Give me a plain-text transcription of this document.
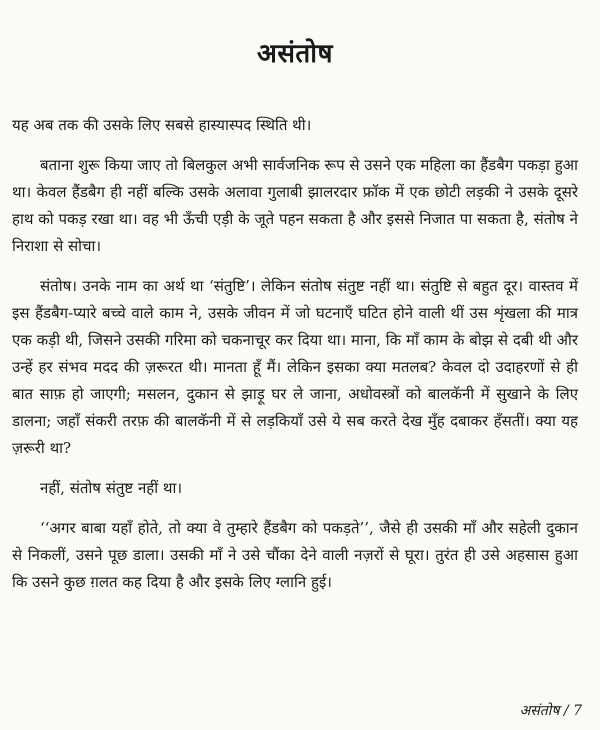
असंतोष

यह अब तक की उसके लिए सबसे हास्यास्पद स्थिति थी।

बताना शुरू किया जाए तो बिलकुल अभी सार्वजनिक रूप से उसने एक महिला का हैंडबैग पकड़ा हुआ था। केवल हैंडबैग ही नहीं बल्कि उसके अलावा गुलाबी झालरदार फ्रॉक में एक छोटी लड़की ने उसके दूसरे हाथ को पकड़ रखा था। वह भी ऊँची एड़ी के जूते पहन सकता है और इससे निजात पा सकता है, संतोष ने निराशा से सोचा।

संतोष। उनके नाम का अर्थ था ‘संतुष्टि’। लेकिन संतोष संतुष्ट नहीं था। संतुष्टि से बहुत दूर। वास्तव में इस हैंडबैग-प्यारे बच्चे वाले काम ने, उसके जीवन में जो घटनाएँ घटित होने वाली थीं उस शृंखला की मात्र एक कड़ी थी, जिसने उसकी गरिमा को चकनाचूर कर दिया था। माना, कि माँ काम के बोझ से दबी थी और उन्हें हर संभव मदद की ज़रूरत थी। मानता हूँ मैं। लेकिन इसका क्या मतलब? केवल दो उदाहरणों से ही बात साफ़ हो जाएगी; मसलन, दुकान से झाड़ू घर ले जाना, अधोवस्त्रों को बालकॅनी में सुखाने के लिए डालना; जहाँ संकरी तरफ़ की बालकॅनी में से लड़कियाँ उसे ये सब करते देख मुँह दबाकर हँसतीं। क्या यह ज़रूरी था?

नहीं, संतोष संतुष्ट नहीं था।

‘‘अगर बाबा यहाँ होते, तो क्या वे तुम्हारे हैंडबैग को पकड़ते’’, जैसे ही उसकी माँ और सहेली दुकान से निकलीं, उसने पूछ डाला। उसकी माँ ने उसे चौंका देने वाली नज़रों से घूरा। तुरंत ही उसे अहसास हुआ कि उसने कुछ ग़लत कह दिया है और इसके लिए ग्लानि हुई।

असंतोष / 7
